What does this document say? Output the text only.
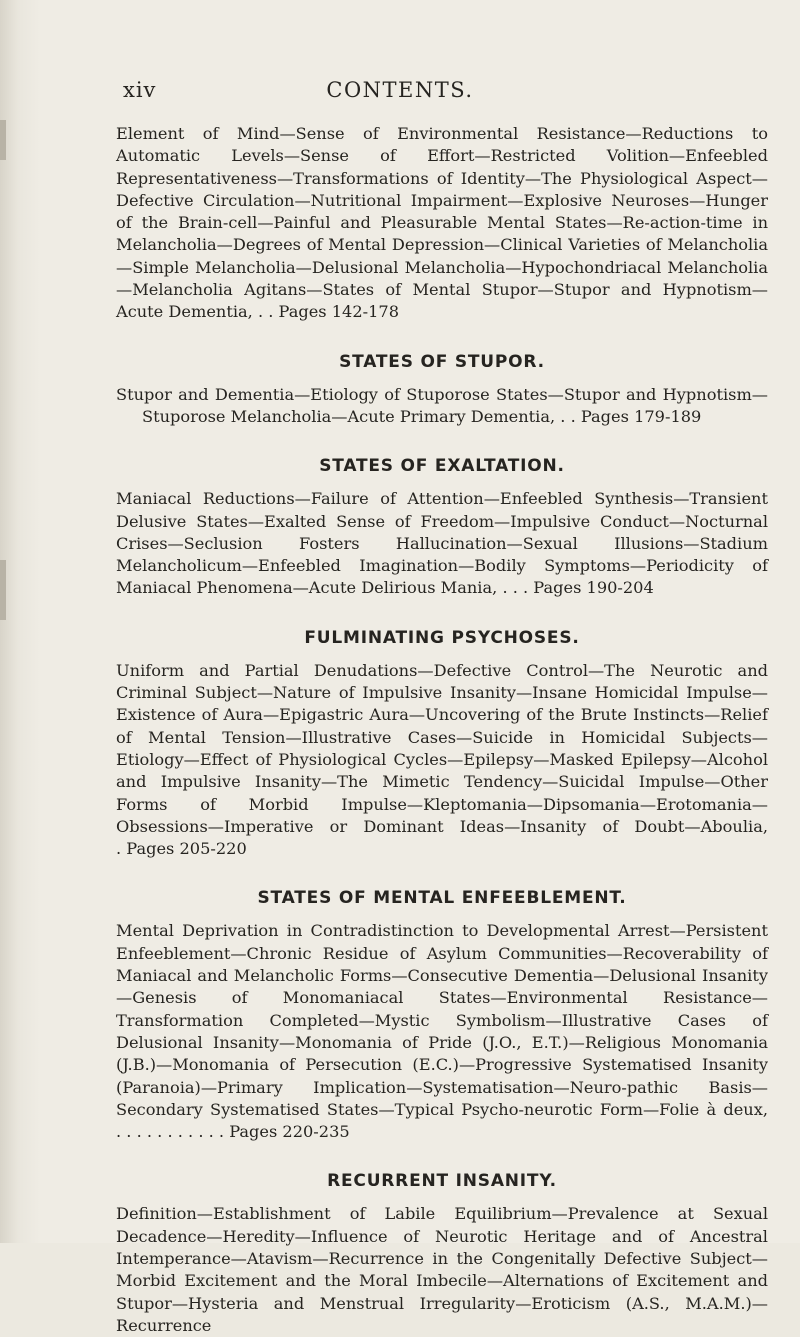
xiv	CONTENTS.

Element of Mind—Sense of Environmental Resistance—Reductions to Automatic Levels—Sense of Effort—Restricted Volition—Enfeebled Representativeness—Transformations of Identity—The Physiological Aspect—Defective Circulation—Nutritional Impairment—Explosive Neuroses—Hunger of the Brain-cell—Painful and Pleasurable Mental States—Re-action-time in Melancholia—Degrees of Mental Depression—Clinical Varieties of Melancholia—Simple Melancholia—Delusional Melancholia—Hypochondriacal Melancholia—Melancholia Agitans—States of Mental Stupor—Stupor and Hypnotism—Acute Dementia, . . Pages 142-178

STATES OF STUPOR.

Stupor and Dementia—Etiology of Stuporose States—Stupor and Hypnotism—Stuporose Melancholia—Acute Primary Dementia, . . Pages 179-189

STATES OF EXALTATION.

Maniacal Reductions—Failure of Attention—Enfeebled Synthesis—Transient Delusive States—Exalted Sense of Freedom—Impulsive Conduct—Nocturnal Crises—Seclusion Fosters Hallucination—Sexual Illusions—Stadium Melancholicum—Enfeebled Imagination—Bodily Symptoms—Periodicity of Maniacal Phenomena—Acute Delirious Mania, . . . Pages 190-204

FULMINATING PSYCHOSES.

Uniform and Partial Denudations—Defective Control—The Neurotic and Criminal Subject—Nature of Impulsive Insanity—Insane Homicidal Impulse—Existence of Aura—Epigastric Aura—Uncovering of the Brute Instincts—Relief of Mental Tension—Illustrative Cases—Suicide in Homicidal Subjects—Etiology—Effect of Physiological Cycles—Epilepsy—Masked Epilepsy—Alcohol and Impulsive Insanity—The Mimetic Tendency—Suicidal Impulse—Other Forms of Morbid Impulse—Kleptomania—Dipsomania—Erotomania—Obsessions—Imperative or Dominant Ideas—Insanity of Doubt—Aboulia, . Pages 205-220

STATES OF MENTAL ENFEEBLEMENT.

Mental Deprivation in Contradistinction to Developmental Arrest—Persistent Enfeeblement—Chronic Residue of Asylum Communities—Recoverability of Maniacal and Melancholic Forms—Consecutive Dementia—Delusional Insanity—Genesis of Monomaniacal States—Environmental Resistance—Transformation Completed—Mystic Symbolism—Illustrative Cases of Delusional Insanity—Monomania of Pride (J.O., E.T.)—Religious Monomania (J.B.)—Monomania of Persecution (E.C.)—Progressive Systematised Insanity (Paranoia)—Primary Implication—Systematisation—Neuro-pathic Basis—Secondary Systematised States—Typical Psycho-neurotic Form—Folie à deux, . . . . . . . . . . . Pages 220-235

RECURRENT INSANITY.

Definition—Establishment of Labile Equilibrium—Prevalence at Sexual Decadence—Heredity—Influence of Neurotic Heritage and of Ancestral Intemperance—Atavism—Recurrence in the Congenitally Defective Subject—Morbid Excitement and the Moral Imbecile—Alternations of Excitement and Stupor—Hysteria and Menstrual Irregularity—Eroticism (A.S., M.A.M.)—Recurrence
